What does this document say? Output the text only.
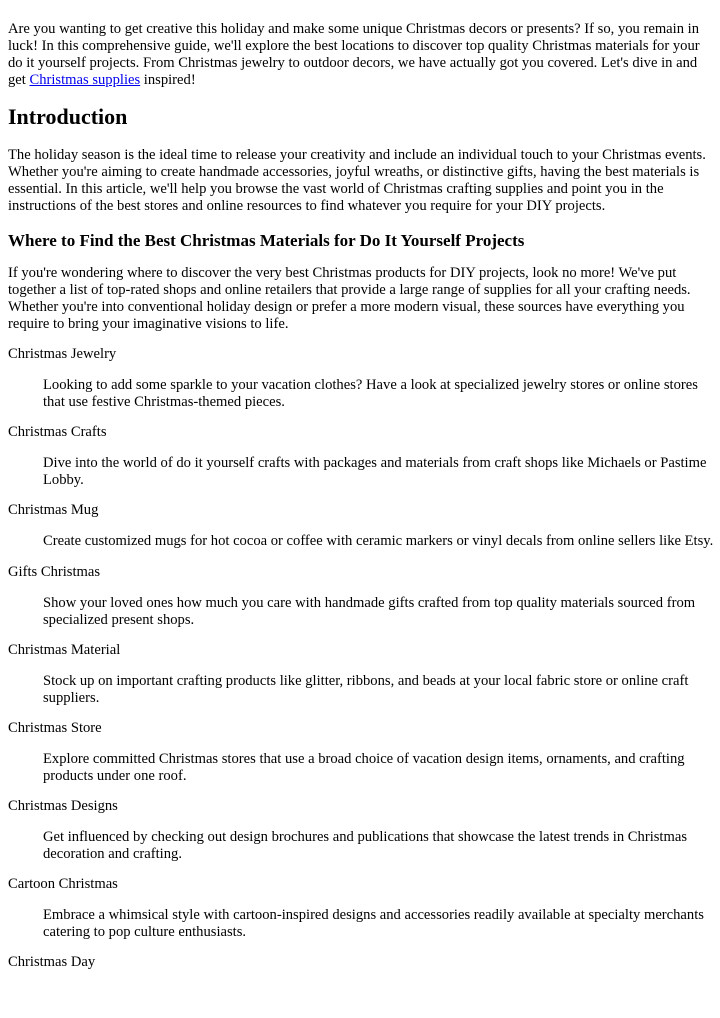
Are you wanting to get creative this holiday and make some unique Christmas decors or presents? If so, you remain in luck! In this comprehensive guide, we'll explore the best locations to discover top quality Christmas materials for your do it yourself projects. From Christmas jewelry to outdoor decors, we have actually got you covered. Let's dive in and get Christmas supplies inspired!

Introduction

The holiday season is the ideal time to release your creativity and include an individual touch to your Christmas events. Whether you're aiming to create handmade accessories, joyful wreaths, or distinctive gifts, having the best materials is essential. In this article, we'll help you browse the vast world of Christmas crafting supplies and point you in the instructions of the best stores and online resources to find whatever you require for your DIY projects.

Where to Find the Best Christmas Materials for Do It Yourself Projects

If you're wondering where to discover the very best Christmas products for DIY projects, look no more! We've put together a list of top-rated shops and online retailers that provide a large range of supplies for all your crafting needs. Whether you're into conventional holiday design or prefer a more modern visual, these sources have everything you require to bring your imaginative visions to life.

Christmas Jewelry
Looking to add some sparkle to your vacation clothes? Have a look at specialized jewelry stores or online stores that use festive Christmas-themed pieces.
Christmas Crafts
Dive into the world of do it yourself crafts with packages and materials from craft shops like Michaels or Pastime Lobby.
Christmas Mug
Create customized mugs for hot cocoa or coffee with ceramic markers or vinyl decals from online sellers like Etsy.
Gifts Christmas
Show your loved ones how much you care with handmade gifts crafted from top quality materials sourced from specialized present shops.
Christmas Material
Stock up on important crafting products like glitter, ribbons, and beads at your local fabric store or online craft suppliers.
Christmas Store
Explore committed Christmas stores that use a broad choice of vacation design items, ornaments, and crafting products under one roof.
Christmas Designs
Get influenced by checking out design brochures and publications that showcase the latest trends in Christmas decoration and crafting.
Cartoon Christmas
Embrace a whimsical style with cartoon-inspired designs and accessories readily available at specialty merchants catering to pop culture enthusiasts.
Christmas Day
